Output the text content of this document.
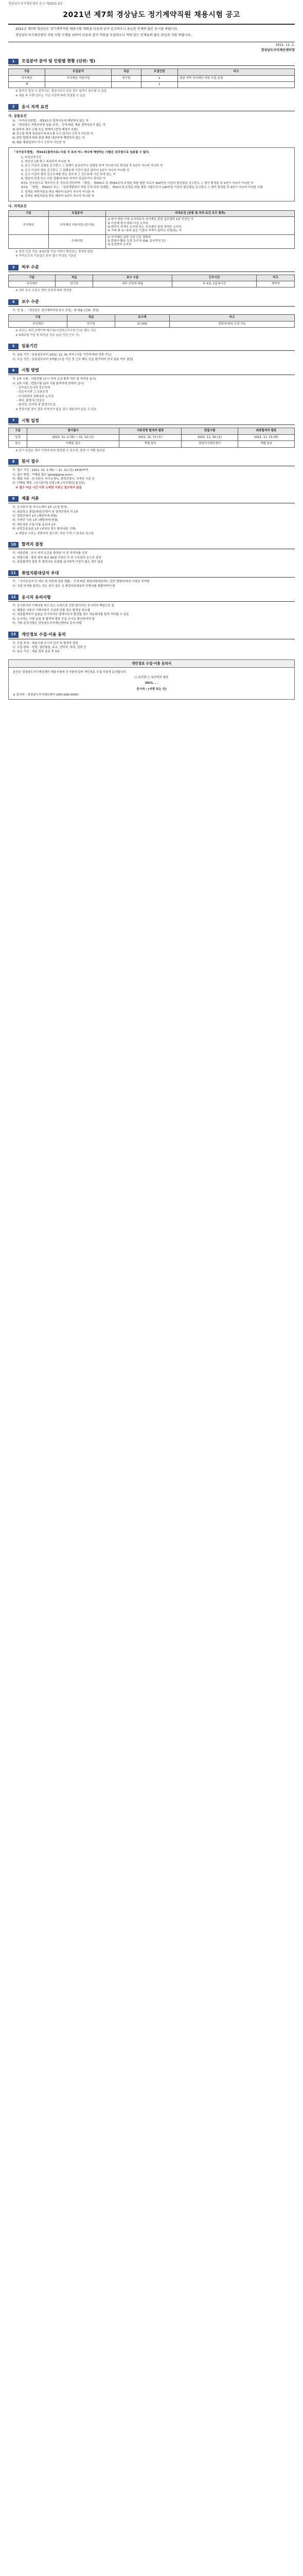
경상남도지식재산센터 공고 제2021-5호
2021년 제7회 경상남도 정기계약직원 채용시험 공고

2021년 제7회 경상남도 정기계약직원 채용시험 계획을 다음과 같이 공고하오니 유능한 인재의 많은 응시를 바랍니다.

경상남도지식재산센터 지원 사업 수행을 위하여 다음과 같이 직원을 모집하오니 역량 있는 인재들의 많은 관심과 지원 바랍니다.

2021. 11. 2.
경상남도지식재산센터장
1	모집분야 분야 및 인원별 현황 (단위: 명)
구분	모집분야	직급	모집인원	비고
지식재산	지식재산 지원사업	연구원	1	경남 지역 지식재산 지원 사업 운영
계			1	
※ 합격자 결정 시 결격사유, 결정사유가 있을 경우 합격이 취소될 수 있음
※ 채용 후 수행 업무는 기관 사정에 따라 변경될 수 있음
2	응시 자격 요건
가. 공통요건
1) 「국가공무원법」 제33조의 결격사유에 해당하지 않는 자
2) 「경상남도 지방공무원 임용 규칙」 등에 따른 채용 결격사유가 없는 자
3) 남자의 경우 군필 또는 면제자 (전역 예정자 포함)
4) 공고일 현재 경상남도에 주소를 두고 있거나 근무가 가능한 자
5) 관련 법령에 따라 취업 제한 대상자에 해당하지 않는 자
6) 채용 예정일부터 즉시 근무가 가능한 자

「국가공무원법」 제33조(결격사유) 다음 각 호의 어느 하나에 해당하는 사람은 공무원으로 임용될 수 없다.

1. 피성년후견인
2. 파산선고를 받고 복권되지 아니한 자
3. 금고 이상의 실형을 선고받고 그 집행이 종료되거나 집행을 받지 아니하기로 확정된 후 5년이 지나지 아니한 자
4. 금고 이상의 형을 선고받고 그 집행유예 기간이 끝난 날부터 2년이 지나지 아니한 자
5. 금고 이상의 형의 선고유예를 받은 경우에 그 선고유예 기간 중에 있는 자
6. 법원의 판결 또는 다른 법률에 따라 자격이 상실되거나 정지된 자
6의2. 공무원으로 재직기간 중 직무와 관련하여 「형법」 제355조 및 제356조에 규정된 죄를 범한 자로서 300만원 이상의 벌금형을 선고받고 그 형이 확정된 후 2년이 지나지 아니한 자
6의3. 「형법」 제303조 또는 「성폭력범죄의 처벌 등에 관한 특례법」 제10조에 규정된 죄를 범한 사람으로서 100만원 이상의 벌금형을 선고받고 그 형이 확정된 후 3년이 지나지 아니한 사람
7. 징계로 파면처분을 받은 때부터 5년이 지나지 아니한 자
8. 징계로 해임처분을 받은 때부터 3년이 지나지 아니한 자
나. 자격요건
구분	모집분야	자격요건 (공통 및 자격 요건 모두 충족)
지식재산	지식재산 지원사업 (연구원)	① 학사 학위 이상 소지자로서 지식재산 관련 실무경력 1년 이상인 자
② 이공계 학사 학위 이상 소지자
③ 변리사 자격증 소지자 또는 지식재산 관련 자격증 소지자
④ 기타 위 ①~③과 동등 이상의 자격이 있다고 인정되는 자
	우대사항	① 지식재산 관련 기관 근무 경력자
② 컴퓨터 활용 능력 우수자 (OA, 문서작성 등)
③ 운전면허 소지자
※ 경력 인정 기준: 4대보험 가입 이력이 확인되는 경력에 한함
※ 자격요건의 기준일은 원서 접수 마감일 기준임
3	처우 수준
구분	직급	보수 수준	근무시간	비고
지식재산	연구원	내부 규정에 따름	주 5일, 1일 8시간	계약직
※ 세부 보수 수준은 센터 규정에 따라 책정함
4	보수 수준
가. 연 봉 : 「경상남도 정기계약직원 보수 규정」에 따름 (단위: 천원)
구분	직급	보수액	비고
지식재산	연구원	27,000	경력에 따라 조정 가능
※ 보수는 세전 금액이며 제수당(시간외근무수당 등)은 별도 지급
※ 4대보험 가입 및 퇴직금 지급 (1년 이상 근무 시)
5	임용기간
가. 임용 기간 : 임용일로부터 2022. 12. 31.까지 (사업 기간에 따라 연장 가능)
나. 수습 기간 : 임용일로부터 3개월 (수습 기간 중 근무 태도 등을 평가하여 정식 임용 여부 결정)
6	시험 방법
가. 1차 시험 : 서류전형 (응시 자격 요건 충족 여부 및 적격성 심사)
나. 2차 시험 : 면접시험 (1차 시험 합격자에 한하여 실시)
- 공무원으로서의 정신자세
- 전문지식과 그 응용능력
- 의사표현의 정확성과 논리성
- 예의, 품행 및 성실성
- 창의력, 의지력 및 발전가능성
※ 면접시험 평가 결과 적격자가 없을 경우 채용하지 않을 수 있음
7	시험 일정
구분	원서접수	서류전형 합격자 발표	면접시험	최종합격자 발표
일정	2021. 11. 2.(화) ~ 11. 12.(금)	2021. 11. 17.(수)	2021. 11. 19.(금)	2021. 11. 23.(화)
장소	이메일 접수	개별 통보	경남지식재산센터	개별 통보
※ 상기 일정은 센터 사정에 따라 변경될 수 있으며, 변경 시 개별 통보함
8	원서 접수
가. 접수 기간 : 2021. 11. 2.(화) ~ 11. 12.(금) 18:00까지
나. 접수 방법 : 이메일 접수 (gnip@gnip.or.kr)
다. 제출 서류 : 응시원서, 자기소개서, 경력증명서, 자격증 사본 등
라. 이메일 제목 : [응시분야] 성명 (예: [지식재산] 홍길동)
※ 접수 마감 시간 이후 도착한 서류는 접수하지 않음
9	제출 서류
가. 응시원서 및 자기소개서 1부 (소정 양식)
나. 최종학교 졸업(예정)증명서 및 성적증명서 각 1부
다. 경력증명서 1부 (해당자에 한함)
라. 자격증 사본 1부 (해당자에 한함)
마. 개인정보 수집·이용 동의서 1부
바. 주민등록초본 1부 (남자의 경우 병적사항 기재)
※ 제출된 서류는 반환하지 않으며, 허위 기재 시 합격을 취소함
10	합격자 결정
가. 서류전형 : 응시 자격 요건을 충족한 자 중 적격자를 선정
나. 면접시험 : 평정 결과 평균 60점 이상인 자 중 고득점자 순으로 결정
다. 최종합격자 결정 후 결격사유 조회를 실시하여 이상이 없는 경우 임용
11	취업지원대상자 우대
가. 「국가유공자 등 예우 및 지원에 관한 법률」 등에 따른 취업지원대상자는 관련 법령에 따라 가점을 부여함
나. 가점 부여를 원하는 자는 원서 접수 시 취업지원대상자 증명서를 제출하여야 함
12	응시자 유의사항
가. 응시원서의 기재사항 착오 또는 누락으로 인한 불이익은 응시자의 책임으로 함
나. 제출된 서류의 기재사항이 사실과 다를 경우 합격을 취소함
다. 최종합격자가 임용을 포기하거나 결격사유가 발견될 경우 차순위자를 합격 처리할 수 있음
라. 응시자는 시험 일정 및 합격자 발표 등을 수시로 확인하여야 함
마. 기타 문의사항은 경상남도지식재산센터로 문의 바람
13	개인정보 수집·이용 동의
가. 수집 목적 : 채용시험 응시자 관리 및 합격자 결정
나. 수집 항목 : 성명, 생년월일, 주소, 연락처, 학력, 경력 등
다. 보유 기간 : 채용 절차 종료 후 3년
개인정보 수집·이용 동의서

본인은 경상남도지식재산센터 채용시험에 응시함에 있어 개인정보 수집·이용에 동의합니다.

□ 동의함 □ 동의하지 않음

2021. . .
응시자 : (서명 또는 인)
※ 문의처 : 경상남도지식재산센터 (055-000-0000)
